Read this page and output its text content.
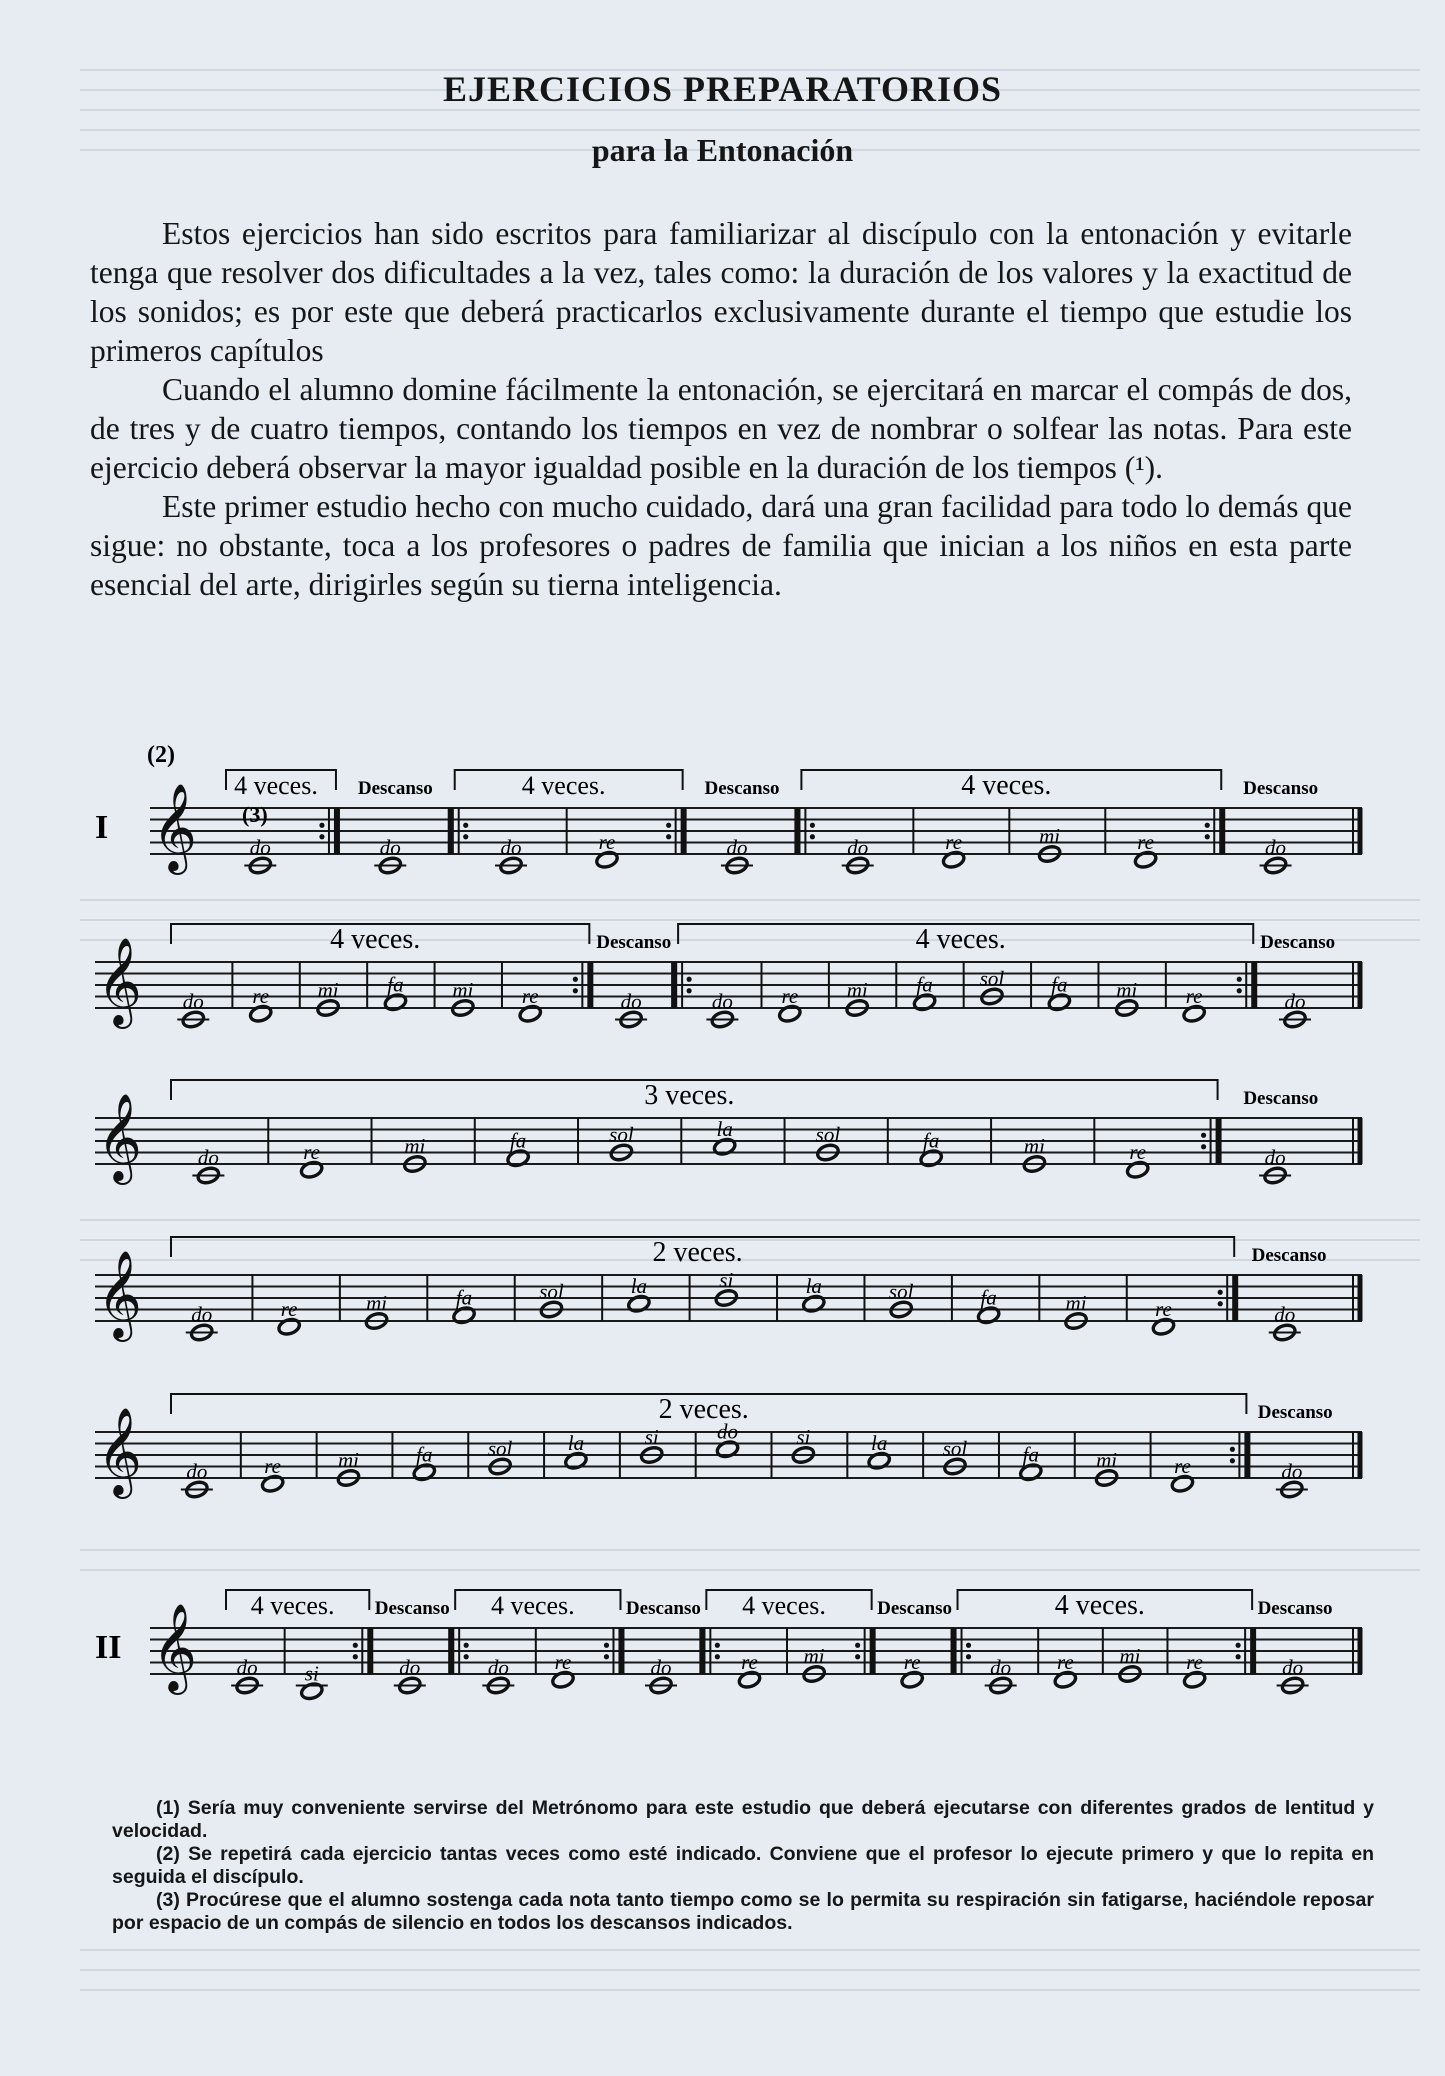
EJERCICIOS PREPARATORIOS
para la Entonación

Estos ejercicios han sido escritos para familiarizar al discípulo con la entonación y evitarle tenga que resolver dos dificultades a la vez, tales como: la duración de los valores y la exactitud de los sonidos; es por este que deberá practicarlos exclusivamente durante el tiempo que estudie los primeros capítulos

Cuando el alumno domine fácilmente la entonación, se ejercitará en marcar el compás de dos, de tres y de cuatro tiempos, contando los tiempos en vez de nombrar o solfear las notas. Para este ejercicio deberá observar la mayor igualdad posible en la duración de los tiempos (¹).

Este primer estudio hecho con mucho cuidado, dará una gran facilidad para todo lo demás que sigue: no obstante, toca a los profesores o padres de familia que inician a los niños en esta parte esencial del arte, dirigirles según su tierna inteligencia.

I 𝄞	do
4 veces.
do
Descanso
do	re
4 veces.
do
Descanso
do	re	mi	re
4 veces.
do
Descanso
(2)
(3)
𝄞 do re mi fa mi re
4 veces.
do
Descanso
do re mi fa sol fa mi re
4 veces.
do
Descanso
𝄞	do	re	mi	fa	sol	la	sol	fa	mi	re
3 veces.
do
Descanso
𝄞 do	re	mi	fa	sol	la	si	la	sol	fa	mi	re
2 veces.
do
Descanso
𝄞 do	re	mi	fa	sol	la	si	do	si	la	sol	fa	mi	re
2 veces.
do
Descanso
II 𝄞 do si
4 veces.
do
Descanso
do re
4 veces.
do
Descanso
re mi
4 veces.
re
Descanso
do re mi re
4 veces.
do
Descanso

(1) Sería muy conveniente servirse del Metrónomo para este estudio que deberá ejecutarse con diferentes grados de lentitud y velocidad.

(2) Se repetirá cada ejercicio tantas veces como esté indicado. Conviene que el profesor lo ejecute primero y que lo repita en seguida el discípulo.

(3) Procúrese que el alumno sostenga cada nota tanto tiempo como se lo permita su respiración sin fatigarse, haciéndole reposar por espacio de un compás de silencio en todos los descansos indicados.
